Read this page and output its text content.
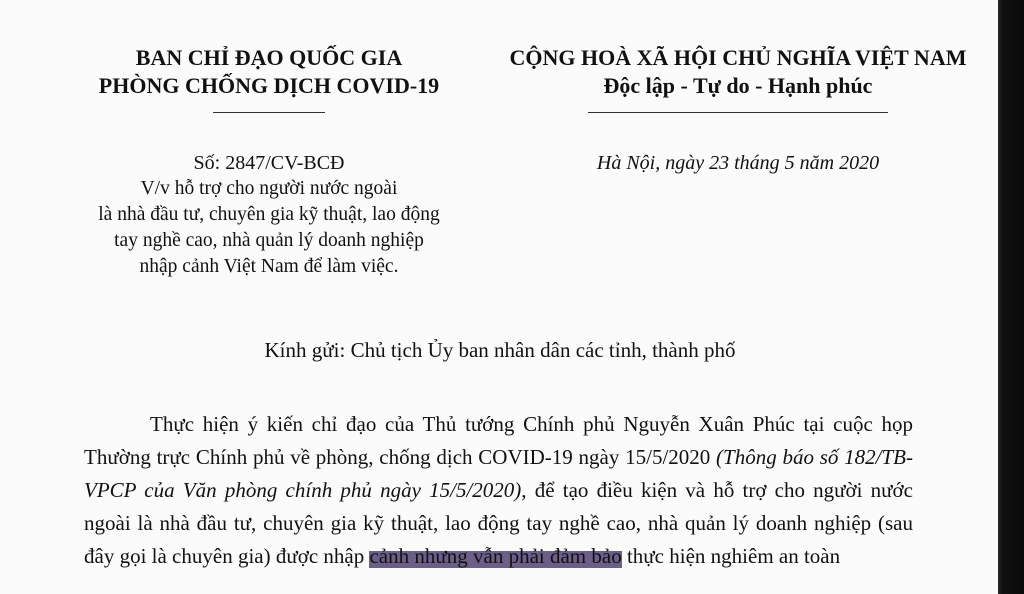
BAN CHỈ ĐẠO QUỐC GIA
PHÒNG CHỐNG DỊCH COVID-19
CỘNG HOÀ XÃ HỘI CHỦ NGHĨA VIỆT NAM
Độc lập - Tự do - Hạnh phúc
Số: 2847/CV-BCĐ
V/v hỗ trợ cho người nước ngoài
là nhà đầu tư, chuyên gia kỹ thuật, lao động
tay nghề cao, nhà quản lý doanh nghiệp
nhập cảnh Việt Nam để làm việc.
Hà Nội, ngày 23 tháng 5 năm 2020
Kính gửi: Chủ tịch Ủy ban nhân dân các tỉnh, thành phố

Thực hiện ý kiến chỉ đạo của Thủ tướng Chính phủ Nguyễn Xuân Phúc tại cuộc họp Thường trực Chính phủ về phòng, chống dịch COVID-19 ngày 15/5/2020 (Thông báo số 182/TB-VPCP của Văn phòng chính phủ ngày 15/5/2020), để tạo điều kiện và hỗ trợ cho người nước ngoài là nhà đầu tư, chuyên gia kỹ thuật, lao động tay nghề cao, nhà quản lý doanh nghiệp (sau đây gọi là chuyên gia) được nhập cảnh nhưng vẫn phải đảm bảo thực hiện nghiêm an toàn
